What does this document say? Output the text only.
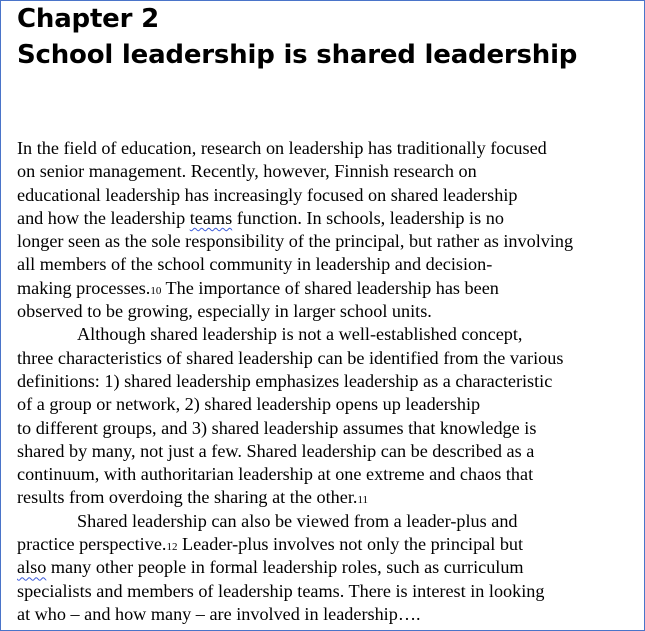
Chapter 2
School leadership is shared leadership
In the field of education, research on leadership has traditionally focused
on senior management. Recently, however, Finnish research on
educational leadership has increasingly focused on shared leadership
and how the leadership teams function. In schools, leadership is no
longer seen as the sole responsibility of the principal, but rather as involving
all members of the school community in leadership and decision-
making processes.10 The importance of shared leadership has been
observed to be growing, especially in larger school units.
Although shared leadership is not a well-established concept,
three characteristics of shared leadership can be identified from the various
definitions: 1) shared leadership emphasizes leadership as a characteristic
of a group or network, 2) shared leadership opens up leadership
to different groups, and 3) shared leadership assumes that knowledge is
shared by many, not just a few. Shared leadership can be described as a
continuum, with authoritarian leadership at one extreme and chaos that
results from overdoing the sharing at the other.11
Shared leadership can also be viewed from a leader-plus and
practice perspective.12 Leader-plus involves not only the principal but
also many other people in formal leadership roles, such as curriculum
specialists and members of leadership teams. There is interest in looking
at who – and how many – are involved in leadership….
